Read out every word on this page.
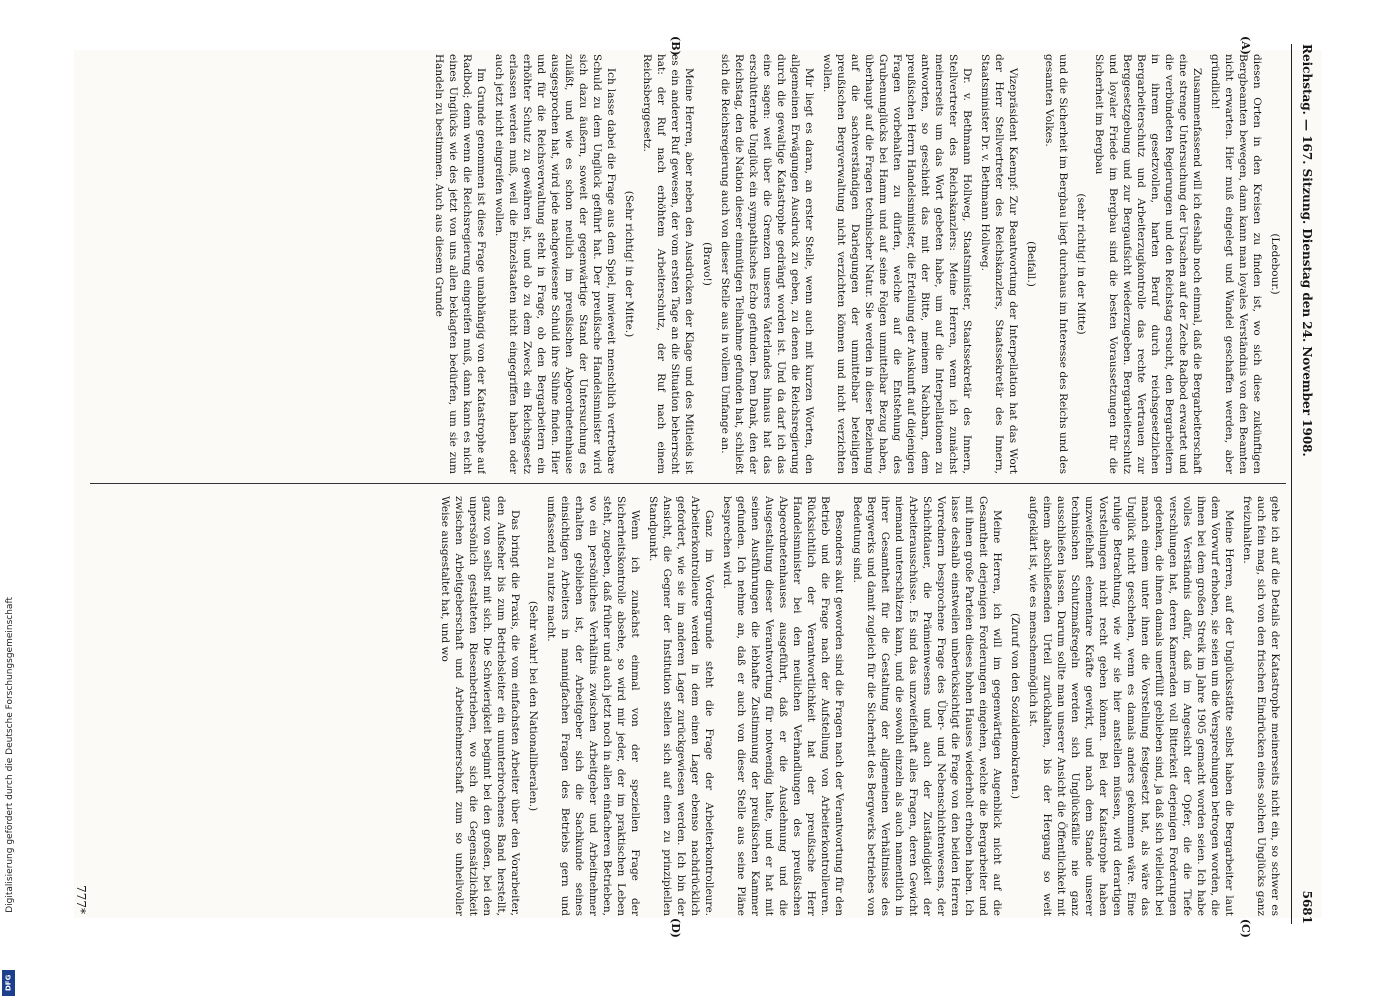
Reichstag. — 167. Sitzung. Dienstag den 24. November 1908.
5681
(A)
(B)
(C)
(D)

(Ledebour.)

diesen Orten in den Kreisen zu finden ist, wo sich diese zukünftigen Bergbeamten bewegen, dann kann man loyales Verständnis von den Beamten nicht erwarten. Hier muß eingelegt und Wandel geschaffen werden, aber gründlich!

Zusammenfassend will ich deshalb noch einmal, daß die Bergarbeiterschaft eine strenge Untersuchung der Ursachen auf der Zeche Radbod erwartet und die verbündeten Regierungen und den Reichstag ersucht, den Bergarbeitern in ihrem gesetzvollen, harten Beruf durch reichsgesetzlichen Bergarbeiterschutz und Arbeiterzugkontrolle das rechte Vertrauen zur Berggesetzgebung und zur Bergaufsicht wiederzugeben. Bergarbeiterschutz und loyaler Friede im Bergbau sind die besten Voraussetzungen für die Sicherheit im Bergbau

(sehr richtig! in der Mitte)

und die Sicherheit im Bergbau liegt durchaus im Interesse des Reichs und des gesamten Volkes.

(Beifall.)

Vizepräsident Kaempf: Zur Beantwortung der Interpellation hat das Wort der Herr Stellvertreter des Reichskanzlers, Staatssekretär des Innern, Staatsminister Dr. v. Bethmann Hollweg.

Dr. v. Bethmann Hollweg, Staatsminister, Staatssekretär des Innern, Stellvertreter des Reichskanzlers: Meine Herren, wenn ich zunächst meinerseits um das Wort gebeten habe, um auf die Interpellationen zu antworten, so geschieht das mit der Bitte, meinem Nachbarn, dem preußischen Herrn Handelsminister, die Erteilung der Auskunft auf diejenigen Fragen vorbehalten zu dürfen, welche auf die Entstehung des Grubenunglücks bei Hamm und auf seine Folgen unmittelbar Bezug haben, überhaupt auf die Fragen technischer Natur. Sie werden in dieser Beziehung auf die sachverständigen Darlegungen der unmittelbar beteiligten preußischen Bergverwaltung nicht verzichten können und nicht verzichten wollen.

Mir liegt es daran, an erster Stelle, wenn auch mit kurzen Worten, den allgemeinen Erwägungen Ausdruck zu geben, zu denen die Reichsregierung durch die gewaltige Katastrophe gedrängt worden ist. Und da darf ich das eine sagen: weit über die Grenzen unseres Vaterlandes hinaus hat das erschütternde Unglück ein sympathisches Echo gefunden. Dem Dank, den der Reichstag, den die Nation dieser einmütigen Teilnahme gefunden hat, schließt sich die Reichsregierung auch von dieser Stelle aus in vollem Umfange an.

(Bravo!)

Meine Herren, aber neben den Ausdrücken der Klage und des Mitleids ist es ein anderer Ruf gewesen, der vom ersten Tage an die Situation beherrscht hat: der Ruf nach erhöhtem Arbeiterschutz, der Ruf nach einem Reichsberggesetz.

(Sehr richtig! in der Mitte.)

Ich lasse dabei die Frage aus dem Spiel, inwieweit menschlich vertretbare Schuld zu dem Unglück geführt hat. Der preußische Handelsminister wird sich dazu äußern, soweit der gegenwärtige Stand der Untersuchung es zuläßt, und wie es schon neulich im preußischen Abgeordnetenhause ausgesprochen hat, wird jede nachgewiesene Schuld ihre Sühne finden. Hier und für die Reichsverwaltung steht in Frage, ob den Bergarbeitern ein erhöhter Schutz zu gewähren ist, und ob zu dem Zweck ein Reichsgesetz erlassen werden muß, weil die Einzelstaaten nicht eingegriffen haben oder auch jetzt nicht eingreifen wollen.

Im Grunde genommen ist diese Frage unabhängig von der Katastrophe auf Radbod; denn wenn die Reichsregierung eingreifen muß, dann kann es nicht eines Unglücks wie des jetzt von uns allen beklagten bedürfen, um sie zum Handeln zu bestimmen. Auch aus diesem Grunde

gehe ich auf die Details der Katastrophe meinerseits nicht ein, so schwer es auch fein mag, sich von den frischen Eindrücken eines solchen Unglücks ganz freizuhalten.

Meine Herren, auf der Unglücksstätte selbst haben die Bergarbeiter laut dem Vorwurf erhoben, sie seien um die Versprechungen betrogen worden, die ihnen bei dem großen Streik im Jahre 1905 gemacht worden seien. Ich habe volles Verständnis dafür, daß im Angesicht der Opfer, die die Tiefe verschlungen hat, deren Kameraden voll Bitterkeit derjenigen Forderungen gedenken, die ihnen damals unerfüllt geblieben sind, ja daß sich vielleicht bei manch einem unter ihnen die Vorstellung festgesetzt hat, als wäre das Unglück nicht geschehen, wenn es damals anders gekommen wäre. Eine ruhige Betrachtung, wie wir sie hier anstellen müssen, wird derartigen Vorstellungen nicht recht geben können. Bei der Katastrophe haben unzweifelhaft elementare Kräfte gewirkt, und nach dem Stande unserer technischen Schutzmaßregeln werden sich Unglücksfälle nie ganz ausschließen lassen. Darum sollte man unserer Ansicht die Öffentlichkeit mit einem abschließenden Urteil zurückhalten, bis der Hergang so weit aufgeklärt ist, wie es menschenmöglich ist.

(Zuruf von den Sozialdemokraten.)

Meine Herren, ich will im gegenwärtigen Augenblick nicht auf die Gesamtheit derjenigen Forderungen eingehen, welche die Bergarbeiter und mit ihnen große Parteien dieses hohen Hauses wiederholt erhoben haben. Ich lasse deshalb einstweilen unberücksichtigt die Frage von den beiden Herren Vorrednern besprochene Frage des Über- und Nebenschichtenwesens, der Schichtdauer, die Prämienwesens und auch der Zuständigkeit der Arbeiterausschüsse. Es sind das unzweifelhaft alles Fragen, deren Gewicht niemand unterschätzen kann, und die sowohl einzeln als auch namentlich in ihrer Gesamtheit für die Gestaltung der allgemeinen Verhältnisse des Bergwerks und damit zugleich für die Sicherheit des Bergwerks betriebes von Bedeutung sind.

Besonders akut geworden sind die Fragen nach der Verantwortung für den Betrieb und die Frage nach der Aufstellung von Arbeiterkontrolleuren. Rücksichtlich der Verantwortlichkeit hat der preußische Herr Handelsminister bei den neulichen Verhandlungen des preußischen Abgeordnetenhauses ausgeführt, daß er die Ausdehnung und die Ausgestaltung dieser Verantwortung für notwendig halte, und er hat mit seinen Ausführungen die lebhafte Zustimmung der preußischen Kammer gefunden. Ich nehme an, daß er auch von dieser Stelle aus seine Pläne besprechen wird.

Ganz im Vordergrunde steht die Frage der Arbeiterkontrolleure. Arbeiterkontrolleure werden in dem einen Lager ebenso nachdrücklich gefordert, wie sie im anderen Lager zurückgewiesen werden. Ich bin der Ansicht, die Gegner der Institution stellen sich auf einen zu prinzipiellen Standpunkt.

Wenn ich zunächst einmal von der speziellen Frage der Sicherheitskontrolle absehe, so wird mir jeder, der im praktischen Leben steht, zugeben, daß früher und auch jetzt noch in allen einfacheren Betrieben, wo ein persönliches Verhältnis zwischen Arbeitgeber und Arbeitnehmer erhalten geblieben ist, der Arbeitgeber sich die Sachkunde seines einsichtigen Arbeiters in mannigfachen Fragen des Betriebs gern und umfassend zu nutze macht.

(Sehr wahr! bei den Nationalliberalen.)

Das bringt die Praxis, die vom einfachsten Arbeiter über den Vorarbeiter, den Aufseher bis zum Betriebsleiter ein ununterbrochenes Band herstellt, ganz von selbst mit sich. Die Schwierigkeit beginnt bei den großen, bei den unpersönlich gestalteten Riesenbetrieben, wo sich die Gegensätzlichkeit zwischen Arbeitgeberschaft und Arbeitnehmerschaft zum so unheilvoller Weise ausgestaltet hat, und wo

777*
Digitalisierung gefördert durch die Deutsche Forschungsgemeinschaft
DFG
